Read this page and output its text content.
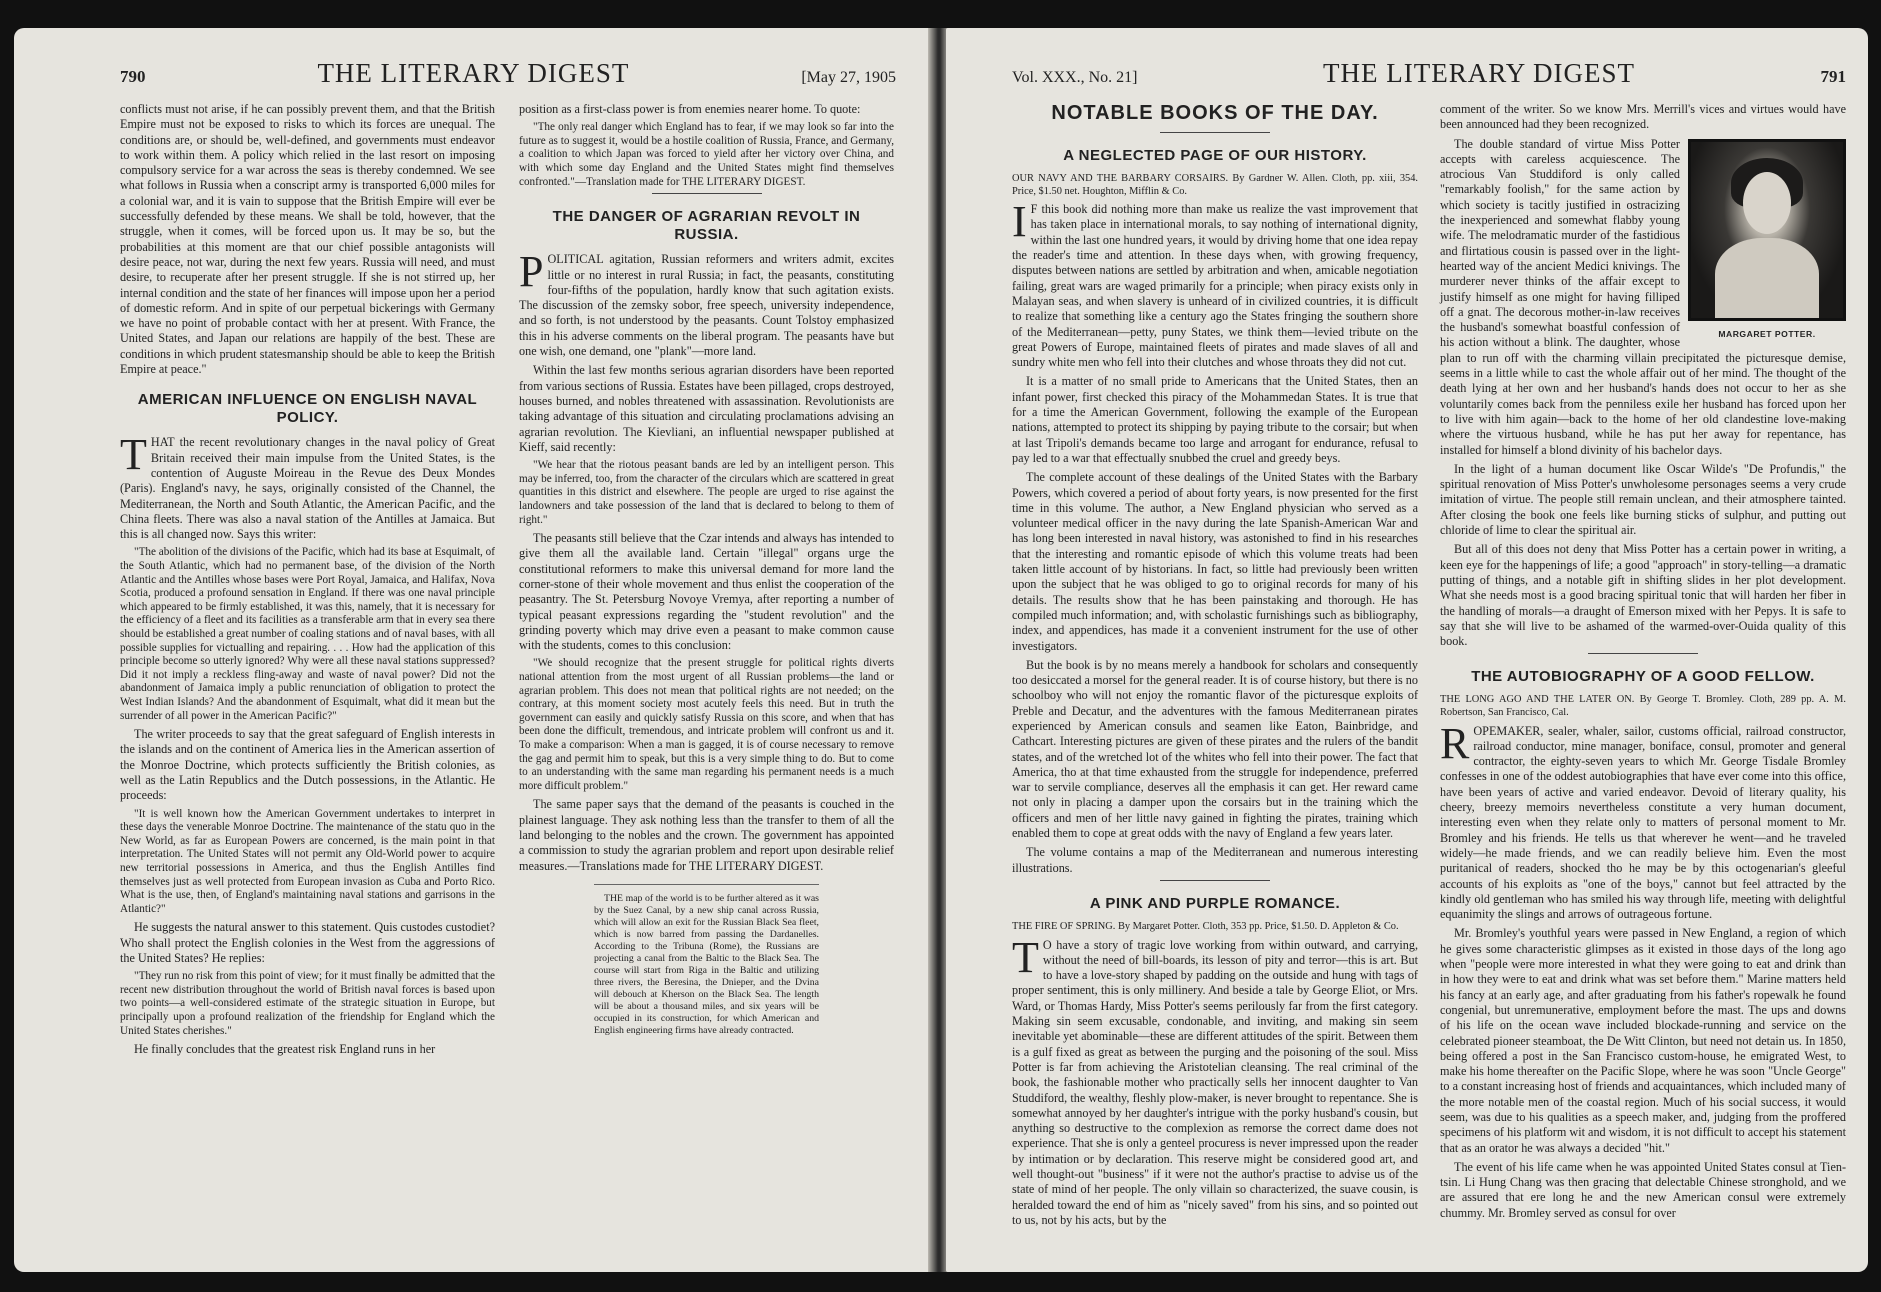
790	THE LITERARY DIGEST	[May 27, 1905

conflicts must not arise, if he can possibly prevent them, and that the British Empire must not be exposed to risks to which its forces are unequal. The conditions are, or should be, well-defined, and governments must endeavor to work within them. A policy which relied in the last resort on imposing compulsory service for a war across the seas is thereby condemned. We see what follows in Russia when a conscript army is transported 6,000 miles for a colonial war, and it is vain to suppose that the British Empire will ever be successfully defended by these means. We shall be told, however, that the struggle, when it comes, will be forced upon us. It may be so, but the probabilities at this moment are that our chief possible antagonists will desire peace, not war, during the next few years. Russia will need, and must desire, to recuperate after her present struggle. If she is not stirred up, her internal condition and the state of her finances will impose upon her a period of domestic reform. And in spite of our perpetual bickerings with Germany we have no point of probable contact with her at present. With France, the United States, and Japan our relations are happily of the best. These are conditions in which prudent statesmanship should be able to keep the British Empire at peace."

AMERICAN INFLUENCE ON ENGLISH NAVAL POLICY.

THAT the recent revolutionary changes in the naval policy of Great Britain received their main impulse from the United States, is the contention of Auguste Moireau in the Revue des Deux Mondes (Paris). England's navy, he says, originally consisted of the Channel, the Mediterranean, the North and South Atlantic, the American Pacific, and the China fleets. There was also a naval station of the Antilles at Jamaica. But this is all changed now. Says this writer:

"The abolition of the divisions of the Pacific, which had its base at Esquimalt, of the South Atlantic, which had no permanent base, of the division of the North Atlantic and the Antilles whose bases were Port Royal, Jamaica, and Halifax, Nova Scotia, produced a profound sensation in England. If there was one naval principle which appeared to be firmly established, it was this, namely, that it is necessary for the efficiency of a fleet and its facilities as a transferable arm that in every sea there should be established a great number of coaling stations and of naval bases, with all possible supplies for victualling and repairing. . . . How had the application of this principle become so utterly ignored? Why were all these naval stations suppressed? Did it not imply a reckless fling-away and waste of naval power? Did not the abandonment of Jamaica imply a public renunciation of obligation to protect the West Indian Islands? And the abandonment of Esquimalt, what did it mean but the surrender of all power in the American Pacific?"

The writer proceeds to say that the great safeguard of English interests in the islands and on the continent of America lies in the American assertion of the Monroe Doctrine, which protects sufficiently the British colonies, as well as the Latin Republics and the Dutch possessions, in the Atlantic. He proceeds:

"It is well known how the American Government undertakes to interpret in these days the venerable Monroe Doctrine. The maintenance of the statu quo in the New World, as far as European Powers are concerned, is the main point in that interpretation. The United States will not permit any Old-World power to acquire new territorial possessions in America, and thus the English Antilles find themselves just as well protected from European invasion as Cuba and Porto Rico. What is the use, then, of England's maintaining naval stations and garrisons in the Atlantic?"

He suggests the natural answer to this statement. Quis custodes custodiet? Who shall protect the English colonies in the West from the aggressions of the United States? He replies:

"They run no risk from this point of view; for it must finally be admitted that the recent new distribution throughout the world of British naval forces is based upon two points—a well-considered estimate of the strategic situation in Europe, but principally upon a profound realization of the friendship for England which the United States cherishes."

He finally concludes that the greatest risk England runs in her

position as a first-class power is from enemies nearer home. To quote:

"The only real danger which England has to fear, if we may look so far into the future as to suggest it, would be a hostile coalition of Russia, France, and Germany, a coalition to which Japan was forced to yield after her victory over China, and with which some day England and the United States might find themselves confronted."—Translation made for THE LITERARY DIGEST.

THE DANGER OF AGRARIAN REVOLT IN RUSSIA.

POLITICAL agitation, Russian reformers and writers admit, excites little or no interest in rural Russia; in fact, the peasants, constituting four-fifths of the population, hardly know that such agitation exists. The discussion of the zemsky sobor, free speech, university independence, and so forth, is not understood by the peasants. Count Tolstoy emphasized this in his adverse comments on the liberal program. The peasants have but one wish, one demand, one "plank"—more land.

Within the last few months serious agrarian disorders have been reported from various sections of Russia. Estates have been pillaged, crops destroyed, houses burned, and nobles threatened with assassination. Revolutionists are taking advantage of this situation and circulating proclamations advising an agrarian revolution. The Kievliani, an influential newspaper published at Kieff, said recently:

"We hear that the riotous peasant bands are led by an intelligent person. This may be inferred, too, from the character of the circulars which are scattered in great quantities in this district and elsewhere. The people are urged to rise against the landowners and take possession of the land that is declared to belong to them of right."

The peasants still believe that the Czar intends and always has intended to give them all the available land. Certain "illegal" organs urge the constitutional reformers to make this universal demand for more land the corner-stone of their whole movement and thus enlist the cooperation of the peasantry. The St. Petersburg Novoye Vremya, after reporting a number of typical peasant expressions regarding the "student revolution" and the grinding poverty which may drive even a peasant to make common cause with the students, comes to this conclusion:

"We should recognize that the present struggle for political rights diverts national attention from the most urgent of all Russian problems—the land or agrarian problem. This does not mean that political rights are not needed; on the contrary, at this moment society most acutely feels this need. But in truth the government can easily and quickly satisfy Russia on this score, and when that has been done the difficult, tremendous, and intricate problem will confront us and it. To make a comparison: When a man is gagged, it is of course necessary to remove the gag and permit him to speak, but this is a very simple thing to do. But to come to an understanding with the same man regarding his permanent needs is a much more difficult problem."

The same paper says that the demand of the peasants is couched in the plainest language. They ask nothing less than the transfer to them of all the land belonging to the nobles and the crown. The government has appointed a commission to study the agrarian problem and report upon desirable relief measures.—Translations made for THE LITERARY DIGEST.

THE map of the world is to be further altered as it was by the Suez Canal, by a new ship canal across Russia, which will allow an exit for the Russian Black Sea fleet, which is now barred from passing the Dardanelles. According to the Tribuna (Rome), the Russians are projecting a canal from the Baltic to the Black Sea. The course will start from Riga in the Baltic and utilizing three rivers, the Beresina, the Dnieper, and the Dvina will debouch at Kherson on the Black Sea. The length will be about a thousand miles, and six years will be occupied in its construction, for which American and English engineering firms have already contracted.

Vol. XXX., No. 21]	THE LITERARY DIGEST	791
NOTABLE BOOKS OF THE DAY.
A NEGLECTED PAGE OF OUR HISTORY.

OUR NAVY AND THE BARBARY CORSAIRS. By Gardner W. Allen. Cloth, pp. xiii, 354. Price, $1.50 net. Houghton, Mifflin & Co.

I F this book did nothing more than make us realize the vast improvement that has taken place in international morals, to say nothing of international dignity, within the last one hundred years, it would by driving home that one idea repay the reader's time and attention. In these days when, with growing frequency, disputes between nations are settled by arbitration and when, amicable negotiation failing, great wars are waged primarily for a principle; when piracy exists only in Malayan seas, and when slavery is unheard of in civilized countries, it is difficult to realize that something like a century ago the States fringing the southern shore of the Mediterranean—petty, puny States, we think them—levied tribute on the great Powers of Europe, maintained fleets of pirates and made slaves of all and sundry white men who fell into their clutches and whose throats they did not cut.

It is a matter of no small pride to Americans that the United States, then an infant power, first checked this piracy of the Mohammedan States. It is true that for a time the American Government, following the example of the European nations, attempted to protect its shipping by paying tribute to the corsair; but when at last Tripoli's demands became too large and arrogant for endurance, refusal to pay led to a war that effectually snubbed the cruel and greedy beys.

The complete account of these dealings of the United States with the Barbary Powers, which covered a period of about forty years, is now presented for the first time in this volume. The author, a New England physician who served as a volunteer medical officer in the navy during the late Spanish-American War and has long been interested in naval history, was astonished to find in his researches that the interesting and romantic episode of which this volume treats had been taken little account of by historians. In fact, so little had previously been written upon the subject that he was obliged to go to original records for many of his details. The results show that he has been painstaking and thorough. He has compiled much information; and, with scholastic furnishings such as bibliography, index, and appendices, has made it a convenient instrument for the use of other investigators.

But the book is by no means merely a handbook for scholars and consequently too desiccated a morsel for the general reader. It is of course history, but there is no schoolboy who will not enjoy the romantic flavor of the picturesque exploits of Preble and Decatur, and the adventures with the famous Mediterranean pirates experienced by American consuls and seamen like Eaton, Bainbridge, and Cathcart. Interesting pictures are given of these pirates and the rulers of the bandit states, and of the wretched lot of the whites who fell into their power. The fact that America, tho at that time exhausted from the struggle for independence, preferred war to servile compliance, deserves all the emphasis it can get. Her reward came not only in placing a damper upon the corsairs but in the training which the officers and men of her little navy gained in fighting the pirates, training which enabled them to cope at great odds with the navy of England a few years later.

The volume contains a map of the Mediterranean and numerous interesting illustrations.

A PINK AND PURPLE ROMANCE.

THE FIRE OF SPRING. By Margaret Potter. Cloth, 353 pp. Price, $1.50. D. Appleton & Co.

T O have a story of tragic love working from within outward, and carrying, without the need of bill-boards, its lesson of pity and terror—this is art. But to have a love-story shaped by padding on the outside and hung with tags of proper sentiment, this is only millinery. And beside a tale by George Eliot, or Mrs. Ward, or Thomas Hardy, Miss Potter's seems perilously far from the first category. Making sin seem excusable, condonable, and inviting, and making sin seem inevitable yet abominable—these are different attitudes of the spirit. Between them is a gulf fixed as great as between the purging and the poisoning of the soul. Miss Potter is far from achieving the Aristotelian cleansing. The real criminal of the book, the fashionable mother who practically sells her innocent daughter to Van Studdiford, the wealthy, fleshly plow-maker, is never brought to repentance. She is somewhat annoyed by her daughter's intrigue with the porky husband's cousin, but anything so destructive to the complexion as remorse the correct dame does not experience. That she is only a genteel procuress is never impressed upon the reader by intimation or by declaration. This reserve might be considered good art, and well thought-out "business" if it were not the author's practise to advise us of the state of mind of her people. The only villain so characterized, the suave cousin, is heralded toward the end of him as "nicely saved" from his sins, and so pointed out to us, not by his acts, but by the

comment of the writer. So we know Mrs. Merrill's vices and virtues would have been announced had they been recognized.

MARGARET POTTER.

The double standard of virtue Miss Potter accepts with careless acquiescence. The atrocious Van Studdiford is only called "remarkably foolish," for the same action by which society is tacitly justified in ostracizing the inexperienced and somewhat flabby young wife. The melodramatic murder of the fastidious and flirtatious cousin is passed over in the light-hearted way of the ancient Medici knivings. The murderer never thinks of the affair except to justify himself as one might for having filliped off a gnat. The decorous mother-in-law receives the husband's somewhat boastful confession of his action without a blink. The daughter, whose plan to run off with the charming villain precipitated the picturesque demise, seems in a little while to cast the whole affair out of her mind. The thought of the death lying at her own and her husband's hands does not occur to her as she voluntarily comes back from the penniless exile her husband has forced upon her to live with him again—back to the home of her old clandestine love-making where the virtuous husband, while he has put her away for repentance, has installed for himself a blond divinity of his bachelor days.

In the light of a human document like Oscar Wilde's "De Profundis," the spiritual renovation of Miss Potter's unwholesome personages seems a very crude imitation of virtue. The people still remain unclean, and their atmosphere tainted. After closing the book one feels like burning sticks of sulphur, and putting out chloride of lime to clear the spiritual air.

But all of this does not deny that Miss Potter has a certain power in writing, a keen eye for the happenings of life; a good "approach" in story-telling—a dramatic putting of things, and a notable gift in shifting slides in her plot development. What she needs most is a good bracing spiritual tonic that will harden her fiber in the handling of morals—a draught of Emerson mixed with her Pepys. It is safe to say that she will live to be ashamed of the warmed-over-Ouida quality of this book.

THE AUTOBIOGRAPHY OF A GOOD FELLOW.

THE LONG AGO AND THE LATER ON. By George T. Bromley. Cloth, 289 pp. A. M. Robertson, San Francisco, Cal.

ROPEMAKER, sealer, whaler, sailor, customs official, railroad constructor, railroad conductor, mine manager, boniface, consul, promoter and general contractor, the eighty-seven years to which Mr. George Tisdale Bromley confesses in one of the oddest autobiographies that have ever come into this office, have been years of active and varied endeavor. Devoid of literary quality, his cheery, breezy memoirs nevertheless constitute a very human document, interesting even when they relate only to matters of personal moment to Mr. Bromley and his friends. He tells us that wherever he went—and he traveled widely—he made friends, and we can readily believe him. Even the most puritanical of readers, shocked tho he may be by this octogenarian's gleeful accounts of his exploits as "one of the boys," cannot but feel attracted by the kindly old gentleman who has smiled his way through life, meeting with delightful equanimity the slings and arrows of outrageous fortune.

Mr. Bromley's youthful years were passed in New England, a region of which he gives some characteristic glimpses as it existed in those days of the long ago when "people were more interested in what they were going to eat and drink than in how they were to eat and drink what was set before them." Marine matters held his fancy at an early age, and after graduating from his father's ropewalk he found congenial, but unremunerative, employment before the mast. The ups and downs of his life on the ocean wave included blockade-running and service on the celebrated pioneer steamboat, the De Witt Clinton, but need not detain us. In 1850, being offered a post in the San Francisco custom-house, he emigrated West, to make his home thereafter on the Pacific Slope, where he was soon "Uncle George" to a constant increasing host of friends and acquaintances, which included many of the more notable men of the coastal region. Much of his social success, it would seem, was due to his qualities as a speech maker, and, judging from the proffered specimens of his platform wit and wisdom, it is not difficult to accept his statement that as an orator he was always a decided "hit."

The event of his life came when he was appointed United States consul at Tien-tsin. Li Hung Chang was then gracing that delectable Chinese stronghold, and we are assured that ere long he and the new American consul were extremely chummy. Mr. Bromley served as consul for over
